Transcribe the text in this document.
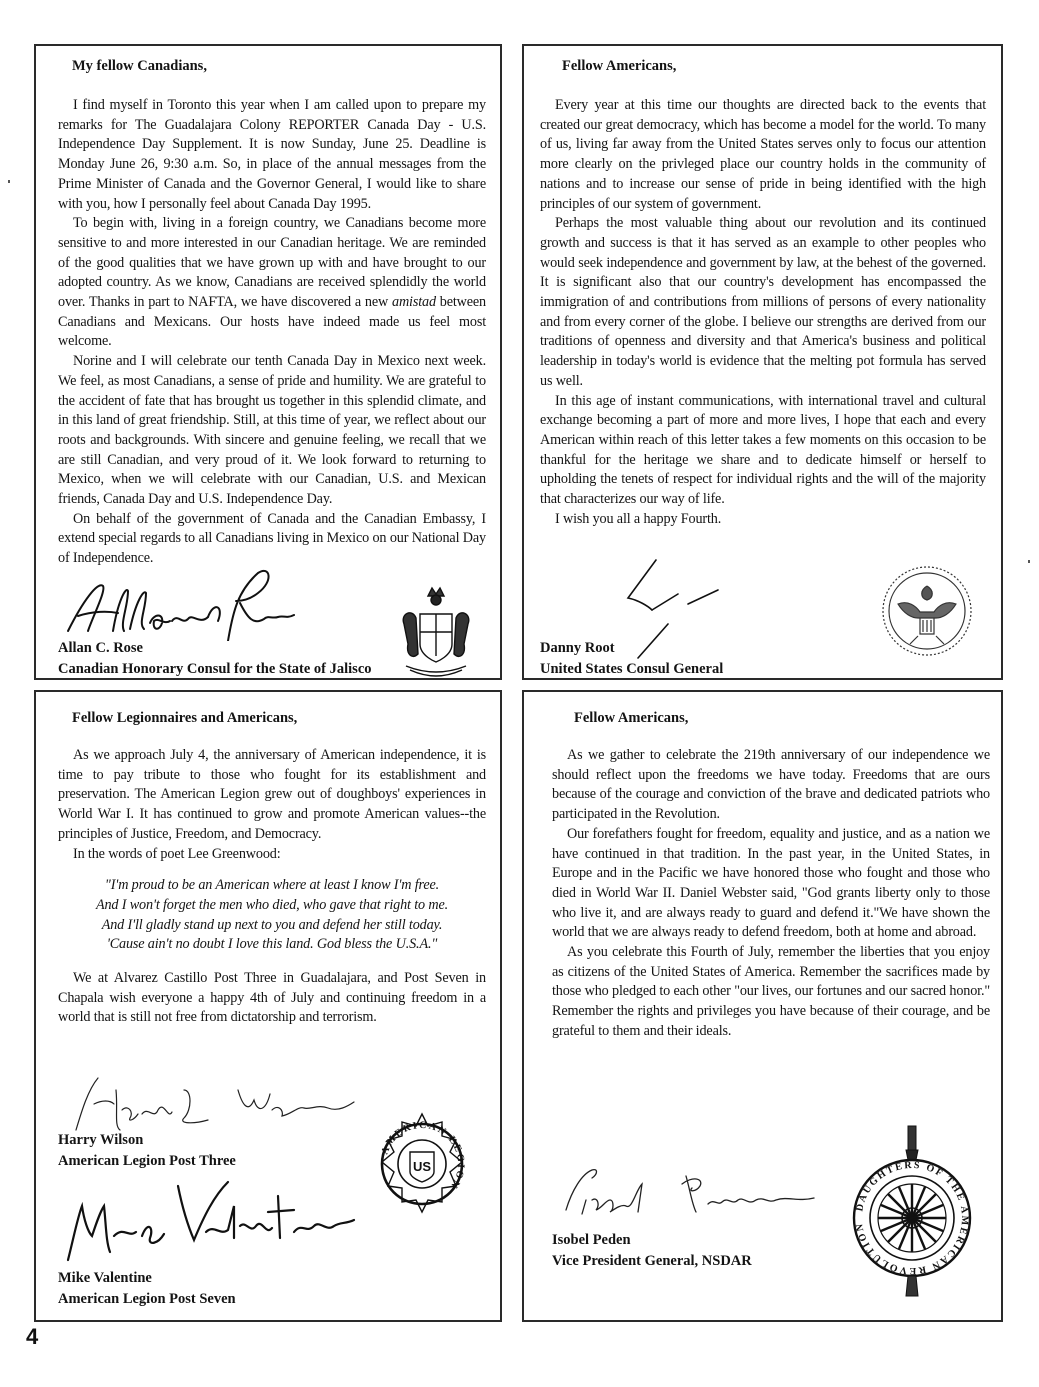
My fellow Canadians,

I find myself in Toronto this year when I am called upon to prepare my remarks for The Guadalajara Colony REPORTER Canada Day - U.S. Independence Day Supplement. It is now Sunday, June 25. Deadline is Monday June 26, 9:30 a.m. So, in place of the annual messages from the Prime Minister of Canada and the Governor General, I would like to share with you, how I personally feel about Canada Day 1995.

To begin with, living in a foreign country, we Canadians become more sensitive to and more interested in our Canadian heritage. We are reminded of the good qualities that we have grown up with and have brought to our adopted country. As we know, Canadians are received splendidly the world over. Thanks in part to NAFTA, we have discovered a new amistad between Canadians and Mexicans. Our hosts have indeed made us feel most welcome.

Norine and I will celebrate our tenth Canada Day in Mexico next week. We feel, as most Canadians, a sense of pride and humility. We are grateful to the accident of fate that has brought us together in this splendid climate, and in this land of great friendship. Still, at this time of year, we reflect about our roots and backgrounds. With sincere and genuine feeling, we recall that we are still Canadian, and very proud of it. We look forward to returning to Mexico, when we will celebrate with our Canadian, U.S. and Mexican friends, Canada Day and U.S. Independence Day.

On behalf of the government of Canada and the Canadian Embassy, I extend special regards to all Canadians living in Mexico on our National Day of Independence.

Allan C. Rose
Canadian Honorary Consul for the State of Jalisco
Fellow Americans,

Every year at this time our thoughts are directed back to the events that created our great democracy, which has become a model for the world. To many of us, living far away from the United States serves only to focus our attention more clearly on the privleged place our country holds in the community of nations and to increase our sense of pride in being identified with the high principles of our system of government.

Perhaps the most valuable thing about our revolution and its continued growth and success is that it has served as an example to other peoples who would seek independence and government by law, at the behest of the governed. It is significant also that our country's development has encompassed the immigration of and contributions from millions of persons of every nationality and from every corner of the globe. I believe our strengths are derived from our traditions of openness and diversity and that America's business and political leadership in today's world is evidence that the melting pot formula has served us well.

In this age of instant communications, with international travel and cultural exchange becoming a part of more and more lives, I hope that each and every American within reach of this letter takes a few moments on this occasion to be thankful for the heritage we share and to dedicate himself or herself to upholding the tenets of respect for individual rights and the will of the majority that characterizes our way of life.

I wish you all a happy Fourth.

Danny Root
United States Consul General
Fellow Legionnaires and Americans,

As we approach July 4, the anniversary of American independence, it is time to pay tribute to those who fought for its establishment and preservation. The American Legion grew out of doughboys' experiences in World War I. It has continued to grow and promote American values--the principles of Justice, Freedom, and Democracy.

In the words of poet Lee Greenwood:

"I'm proud to be an American where at least I know I'm free.
And I won't forget the men who died, who gave that right to me.
And I'll gladly stand up next to you and defend her still today.
'Cause ain't no doubt I love this land. God bless the U.S.A."

We at Alvarez Castillo Post Three in Guadalajara, and Post Seven in Chapala wish everyone a happy 4th of July and continuing freedom in a world that is still not free from dictatorship and terrorism.

Harry Wilson
American Legion Post Three
Mike Valentine
American Legion Post Seven
AMERICAN LEGION
US
Fellow Americans,

As we gather to celebrate the 219th anniversary of our independence we should reflect upon the freedoms we have today. Freedoms that are ours because of the courage and conviction of the brave and dedicated patriots who participated in the Revolution.

Our forefathers fought for freedom, equality and justice, and as a nation we have continued in that tradition. In the past year, in the United States, in Europe and in the Pacific we have honored those who fought and those who died in World War II. Daniel Webster said, "God grants liberty only to those who live it, and are always ready to guard and defend it."We have shown the world that we are always ready to defend freedom, both at home and abroad.

As you celebrate this Fourth of July, remember the liberties that you enjoy as citizens of the United States of America. Remember the sacrifices made by those who pledged to each other "our lives, our fortunes and our sacred honor." Remember the rights and privileges you have because of their courage, and be grateful to them and their ideals.

Isobel Peden
Vice President General, NSDAR
DAUGHTERS OF THE AMERICAN REVOLUTION
4
